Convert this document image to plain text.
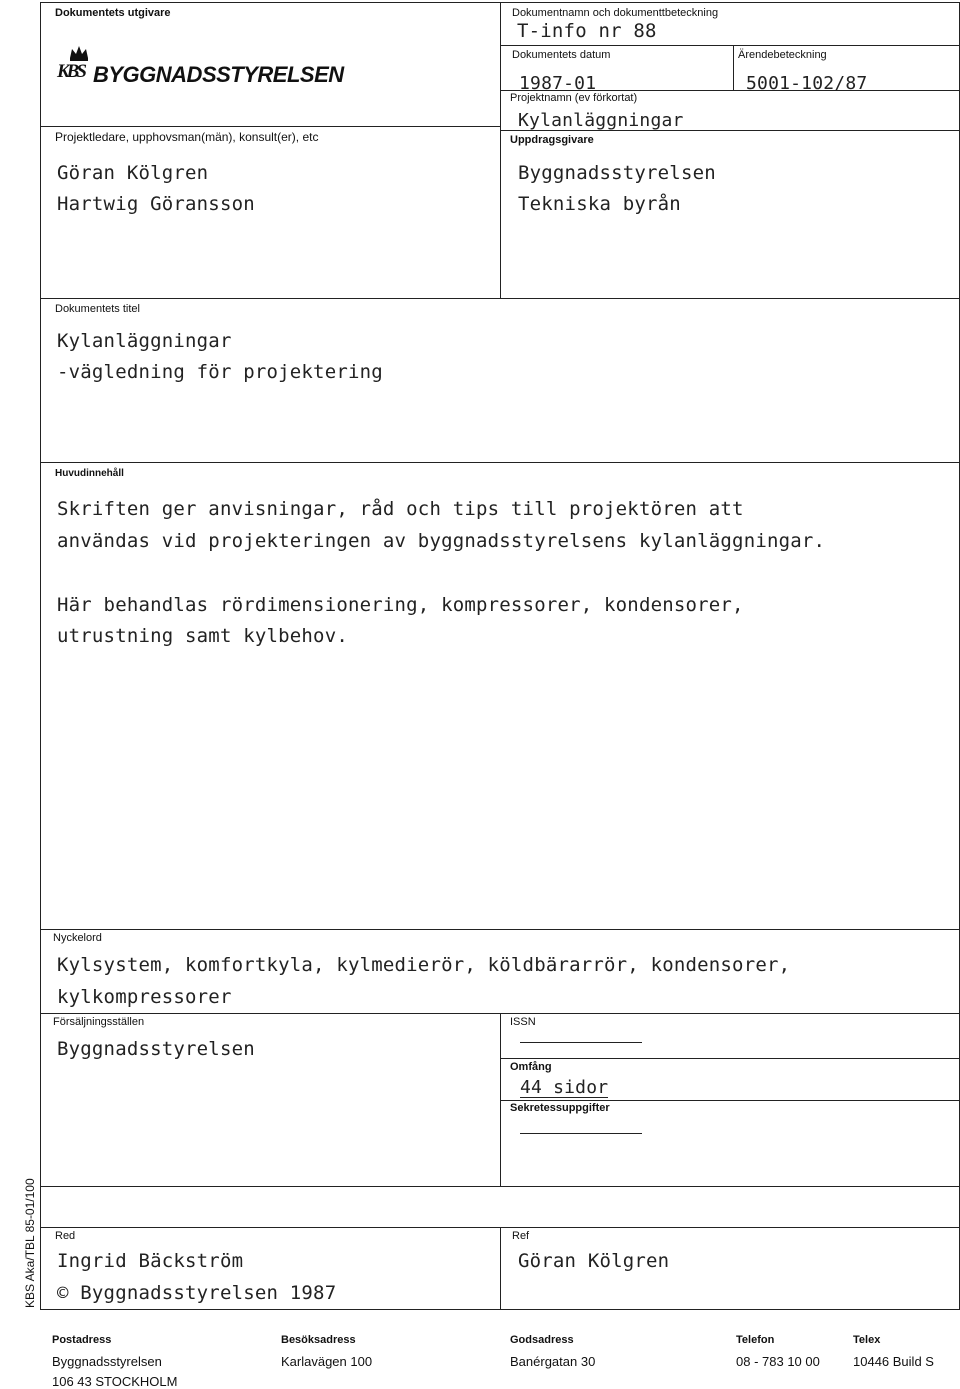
Dokumentets utgivare
KBS BYGGNADSSTYRELSEN
Dokumentnamn och dokumenttbeteckning
T-info nr 88
Dokumentets datum
1987-01
Ärendebeteckning
5001-102/87
Projektnamn (ev förkortat)
Kylanläggningar
Uppdragsgivare
Byggnadsstyrelsen
Tekniska byrån
Projektledare, upphovsman(män), konsult(er), etc
Göran Kölgren
Hartwig Göransson
Dokumentets titel
Kylanläggningar
-vägledning för projektering
Huvudinnehåll
Skriften ger anvisningar, råd och tips till projektören att
användas vid projekteringen av byggnadsstyrelsens kylanläggningar.
Här behandlas rördimensionering, kompressorer, kondensorer,
utrustning samt kylbehov.
Nyckelord
Kylsystem, komfortkyla, kylmedierör, köldbärarrör, kondensorer,
kylkompressorer
Försäljningsställen
Byggnadsstyrelsen
ISSN
Omfång
44 sidor
Sekretessuppgifter
Red
Ingrid Bäckström
© Byggnadsstyrelsen 1987
Ref
Göran Kölgren
KBS Aka/TBL 85-01/100
Postadress
Byggnadsstyrelsen
106 43 STOCKHOLM
Besöksadress
Karlavägen 100
Godsadress
Banérgatan 30
Telefon
08 - 783 10 00
Telex
10446 Build S
